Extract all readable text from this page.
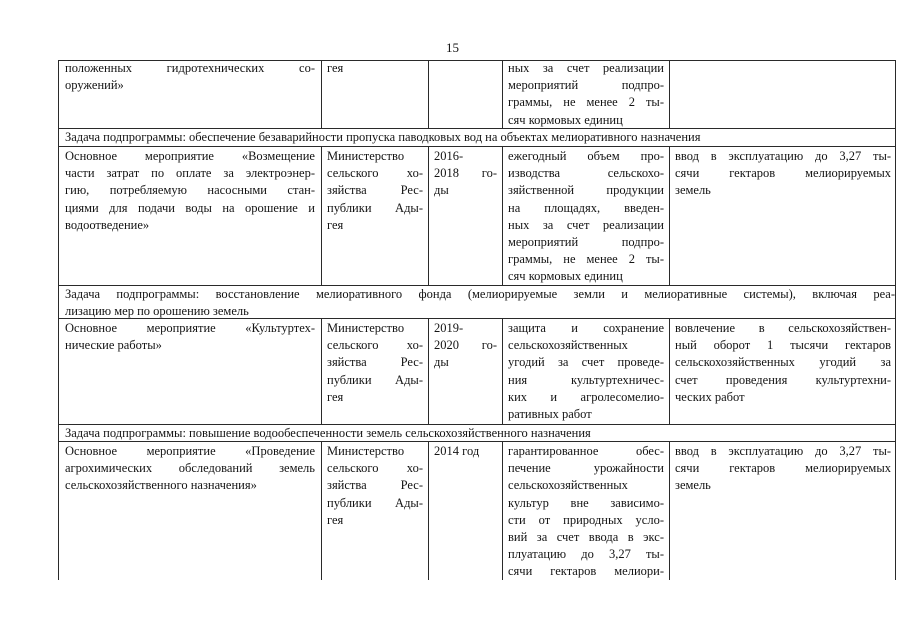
15
положенных гидротехнических со-
оружений»
гея	ных за счет реализации
мероприятий подпро-
граммы, не менее 2 ты-
сяч кормовых единиц
Задача подпрограммы: обеспечение безаварийности пропуска паводковых вод на объектах мелиоративного назначения
Основное мероприятие «Возмещение
части затрат по оплате за электроэнер-
гию, потребляемую насосными стан-
циями для подачи воды на орошение и
водоотведение»
Министерство
сельского хо-
зяйства Рес-
публики Ады-
гея
2016-
2018 го-
ды
ежегодный объем про-
изводства сельскохо-
зяйственной продукции
на площадях, введен-
ных за счет реализации
мероприятий подпро-
граммы, не менее 2 ты-
сяч кормовых единиц
ввод в эксплуатацию до 3,27 ты-
сячи гектаров мелиорируемых
земель
Задача подпрограммы: восстановление мелиоративного фонда (мелиорируемые земли и мелиоративные системы), включая реа-
лизацию мер по орошению земель
Основное мероприятие «Культуртех-
нические работы»
Министерство
сельского хо-
зяйства Рес-
публики Ады-
гея
2019-
2020 го-
ды
защита и сохранение
сельскохозяйственных
угодий за счет проведе-
ния культуртехничес-
ких и агролесомелио-
ративных работ
вовлечение в сельскохозяйствен-
ный оборот 1 тысячи гектаров
сельскохозяйственных угодий за
счет проведения культуртехни-
ческих работ
Задача подпрограммы: повышение водообеспеченности земель сельскохозяйственного назначения
Основное мероприятие «Проведение
агрохимических обследований земель
сельскохозяйственного назначения»
Министерство
сельского хо-
зяйства Рес-
публики Ады-
гея
2014 год	гарантированное обес-
печение урожайности
сельскохозяйственных
культур вне зависимо-
сти от природных усло-
вий за счет ввода в экс-
плуатацию до 3,27 ты-
сячи гектаров мелиори-
ввод в эксплуатацию до 3,27 ты-
сячи гектаров мелиорируемых
земель
